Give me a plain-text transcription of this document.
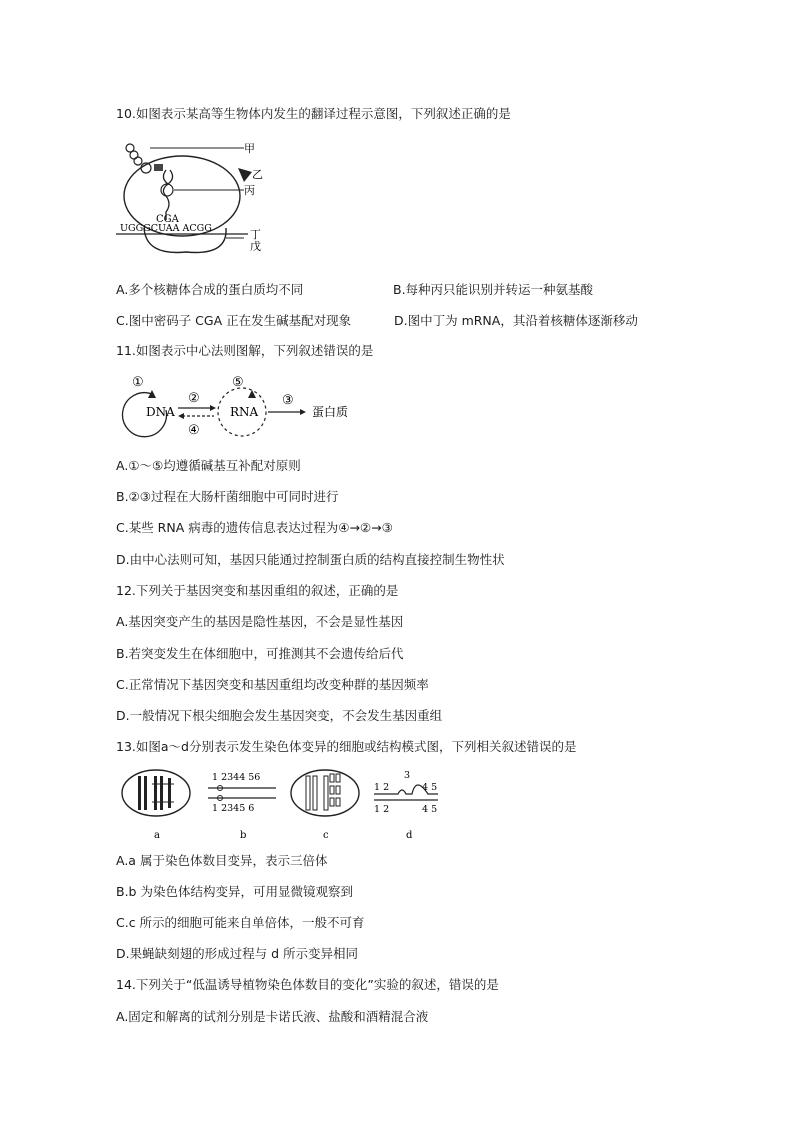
10.如图表示某高等生物体内发生的翻译过程示意图，下列叙述正确的是
甲
乙
丙
CGA
UGGGCUAA ACGG	丁
戊
A.多个核糖体合成的蛋白质均不同	B.每种丙只能识别并转运一种氨基酸
C.图中密码子 CGA 正在发生碱基配对现象	D.图中丁为 mRNA，其沿着核糖体逐渐移动
11.如图表示中心法则图解，下列叙述错误的是
①	⑤
DNA	RNA
②
④
③
蛋白质
A.①～⑤均遵循碱基互补配对原则
B.②③过程在大肠杆菌细胞中可同时进行
C.某些 RNA 病毒的遗传信息表达过程为④→②→③
D.由中心法则可知，基因只能通过控制蛋白质的结构直接控制生物性状
12.下列关于基因突变和基因重组的叙述，正确的是
A.基因突变产生的基因是隐性基因，不会是显性基因
B.若突变发生在体细胞中，可推测其不会遗传给后代
C.正常情况下基因突变和基因重组均改变种群的基因频率
D.一般情况下根尖细胞会发生基因突变，不会发生基因重组
13.如图a～d分别表示发生染色体变异的细胞或结构模式图，下列相关叙述错误的是
1 2344 56
1 2345 6
1 2
3
4 5
1 2	4 5
a	b	c	d
A.a 属于染色体数目变异，表示三倍体
B.b 为染色体结构变异，可用显微镜观察到
C.c 所示的细胞可能来自单倍体，一般不可育
D.果蝇缺刻翅的形成过程与 d 所示变异相同
14.下列关于“低温诱导植物染色体数目的变化”实验的叙述，错误的是
A.固定和解离的试剂分别是卡诺氏液、盐酸和酒精混合液
